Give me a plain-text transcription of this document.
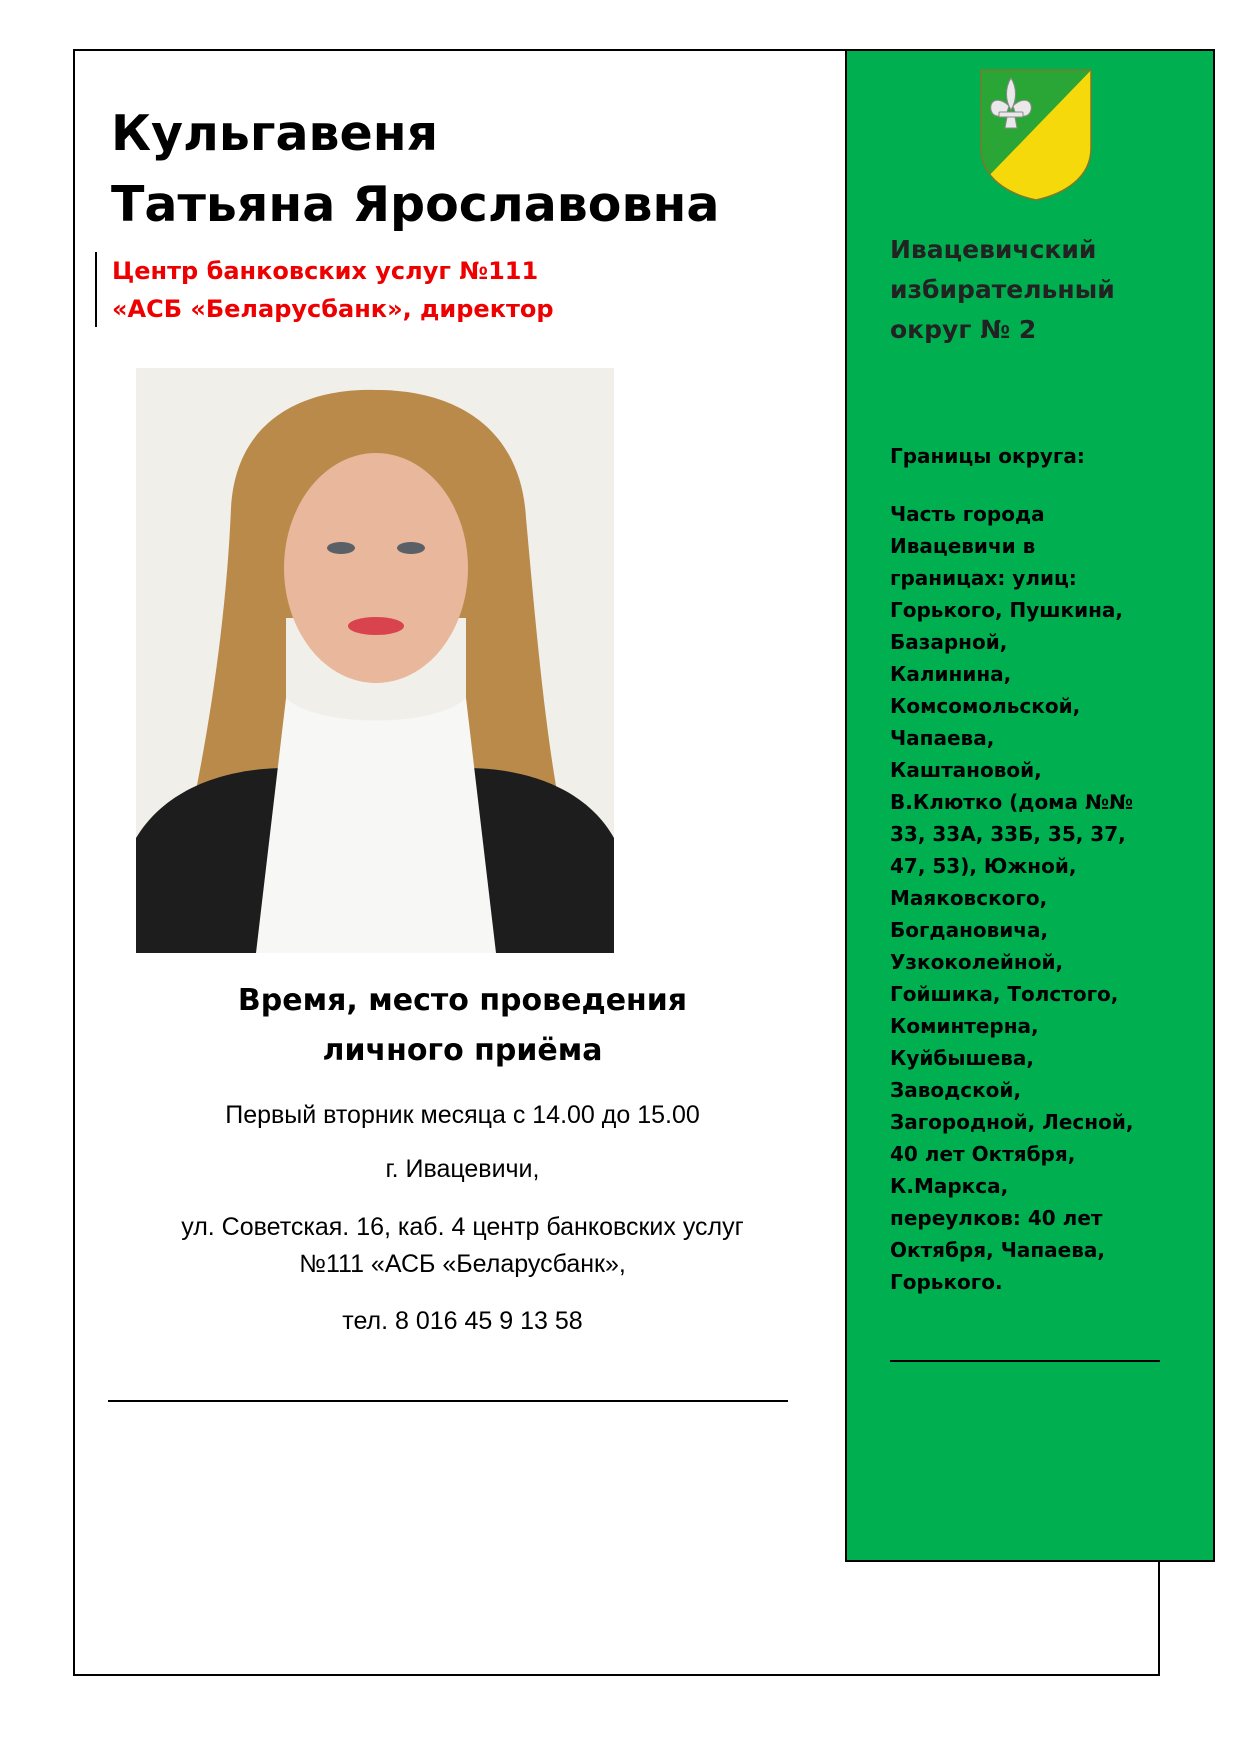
Кульгавеня
Татьяна Ярославовна

Центр банковских услуг №111
«АСБ «Беларусбанк», директор

Время, место проведения
личного приёма

Первый вторник месяца с 14.00 до 15.00

г. Ивацевичи,

ул. Советская. 16, каб. 4 центр банковских услуг

№111 «АСБ «Беларусбанк»,

тел. 8 016 45 9 13 58

Ивацевичский
избирательный
округ № 2

Границы округа:

Часть города
Ивацевичи в
границах: улиц:
Горького, Пушкина,
Базарной,
Калинина,
Комсомольской,
Чапаева,
Каштановой,
В.Клютко (дома №№
33, 33А, 33Б, 35, 37,
47, 53), Южной,
Маяковского,
Богдановича,
Узкоколейной,
Гойшика, Толстого,
Коминтерна,
Куйбышева,
Заводской,
Загородной, Лесной,
40 лет Октября,
К.Маркса,
переулков: 40 лет
Октября, Чапаева,
Горького.
